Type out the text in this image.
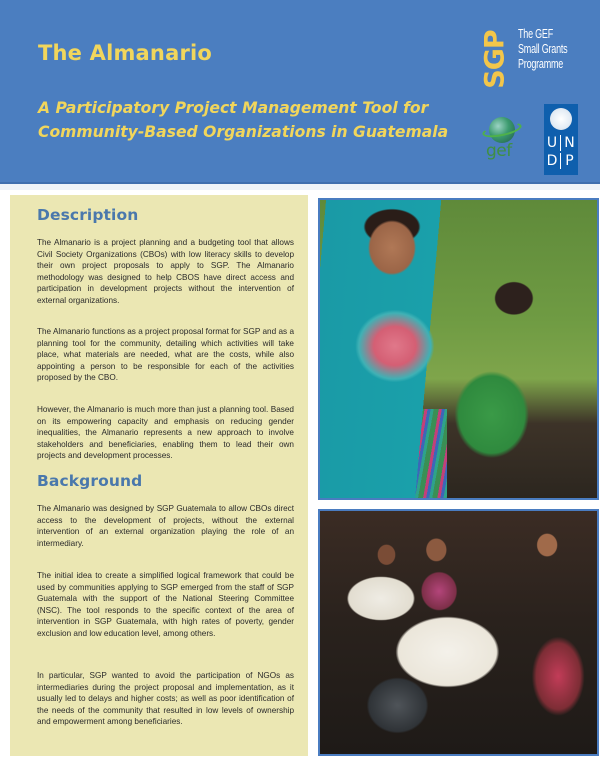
The Almanario
A Participatory Project Management Tool for Community-Based Organizations in Guatemala
SGP The GEF
Small Grants
Programme
gef	U N
D P
Description

The Almanario is a project planning and a budgeting tool that allows Civil Society Organizations (CBOs) with low literacy skills to develop their own project proposals to apply to SGP. The Almanario methodology was designed to help CBOS have direct access and participation in development projects without the intervention of external organizations.

The Almanario functions as a project proposal format for SGP and as a planning tool for the community, detailing which activities will take place, what materials are needed, what are the costs, while also appointing a person to be responsible for each of the activities proposed by the CBO.

However, the Almanario is much more than just a planning tool. Based on its empowering capacity and emphasis on reducing gender inequalities, the Almanario represents a new approach to involve stakeholders and beneficiaries, enabling them to lead their own projects and development processes.

Background

The Almanario was designed by SGP Guatemala to allow CBOs direct access to the development of projects, without the external intervention of an external organization playing the role of an intermediary.

The initial idea to create a simplified logical framework that could be used by communities applying to SGP emerged from the staff of SGP Guatemala with the support of the National Steering Committee (NSC). The tool responds to the specific context of the area of intervention in SGP Guatemala, with high rates of poverty, gender exclusion and low education level, among others.

In particular, SGP wanted to avoid the participation of NGOs as intermediaries during the project proposal and implementation, as it usually led to delays and higher costs; as well as poor identification of the needs of the community that resulted in low levels of ownership and empowerment among beneficiaries.
